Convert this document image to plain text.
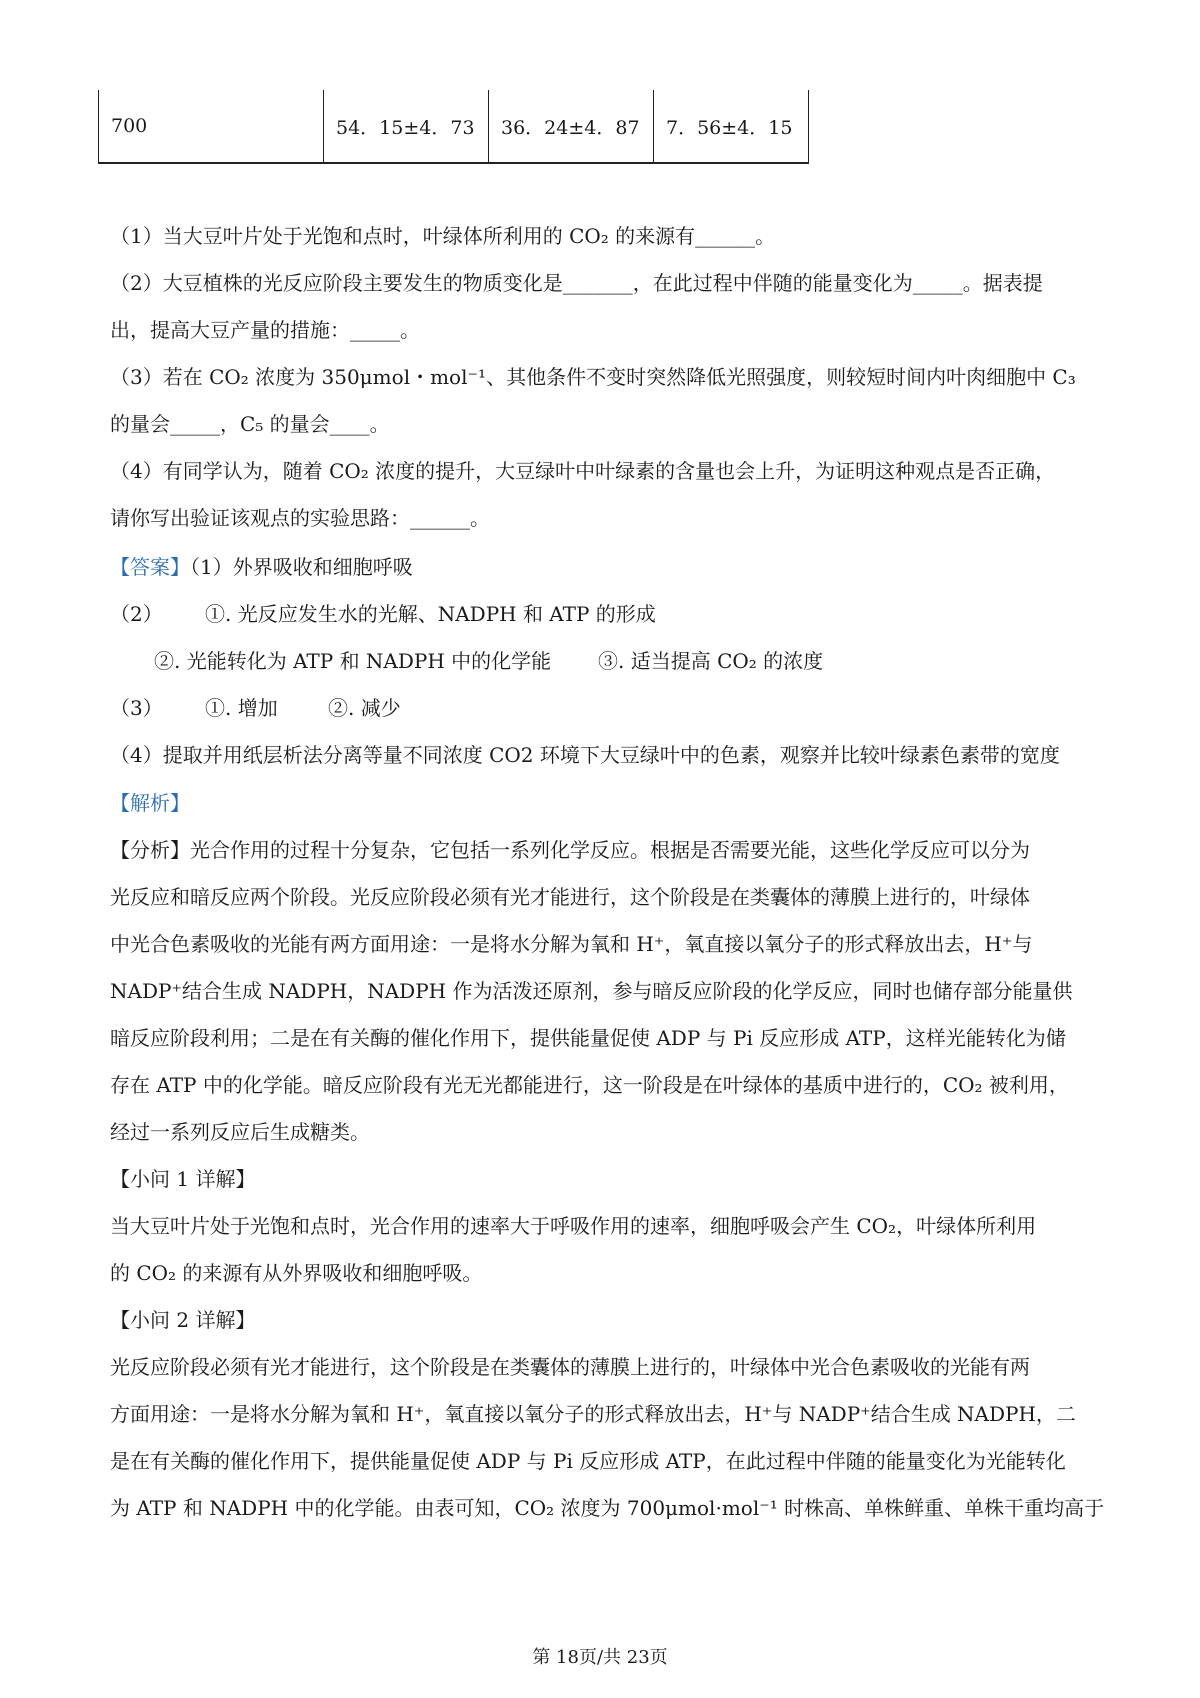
700	54．15±4．73	36．24±4．87	7．56±4．15
（1）当大豆叶片处于光饱和点时，叶绿体所利用的 CO₂ 的来源有______。
（2）大豆植株的光反应阶段主要发生的物质变化是_______，在此过程中伴随的能量变化为_____。据表提
出，提高大豆产量的措施：_____。
（3）若在 CO₂ 浓度为 350μmol・mol⁻¹、其他条件不变时突然降低光照强度，则较短时间内叶肉细胞中 C₃
的量会_____，C₅ 的量会____。
（4）有同学认为，随着 CO₂ 浓度的提升，大豆绿叶中叶绿素的含量也会上升，为证明这种观点是否正确，
请你写出验证该观点的实验思路：______。
【答案】（1）外界吸收和细胞呼吸
（2） ①. 光反应发生水的光解、NADPH 和 ATP 的形成
②. 光能转化为 ATP 和 NADPH 中的化学能 ③. 适当提高 CO₂ 的浓度
（3） ①. 增加	②. 减少
（4）提取并用纸层析法分离等量不同浓度 CO2 环境下大豆绿叶中的色素，观察并比较叶绿素色素带的宽度
【解析】
【分析】光合作用的过程十分复杂，它包括一系列化学反应。根据是否需要光能，这些化学反应可以分为
光反应和暗反应两个阶段。光反应阶段必须有光才能进行，这个阶段是在类囊体的薄膜上进行的，叶绿体
中光合色素吸收的光能有两方面用途：一是将水分解为氧和 H⁺，氧直接以氧分子的形式释放出去，H⁺与
NADP⁺结合生成 NADPH，NADPH 作为活泼还原剂，参与暗反应阶段的化学反应，同时也储存部分能量供
暗反应阶段利用；二是在有关酶的催化作用下，提供能量促使 ADP 与 Pi 反应形成 ATP，这样光能转化为储
存在 ATP 中的化学能。暗反应阶段有光无光都能进行，这一阶段是在叶绿体的基质中进行的，CO₂ 被利用，
经过一系列反应后生成糖类。
【小问 1 详解】
当大豆叶片处于光饱和点时，光合作用的速率大于呼吸作用的速率，细胞呼吸会产生 CO₂，叶绿体所利用
的 CO₂ 的来源有从外界吸收和细胞呼吸。
【小问 2 详解】
光反应阶段必须有光才能进行，这个阶段是在类囊体的薄膜上进行的，叶绿体中光合色素吸收的光能有两
方面用途：一是将水分解为氧和 H⁺，氧直接以氧分子的形式释放出去，H⁺与 NADP⁺结合生成 NADPH，二
是在有关酶的催化作用下，提供能量促使 ADP 与 Pi 反应形成 ATP，在此过程中伴随的能量变化为光能转化
为 ATP 和 NADPH 中的化学能。由表可知，CO₂ 浓度为 700μmol·mol⁻¹ 时株高、单株鲜重、单株干重均高于
第 18页/共 23页
